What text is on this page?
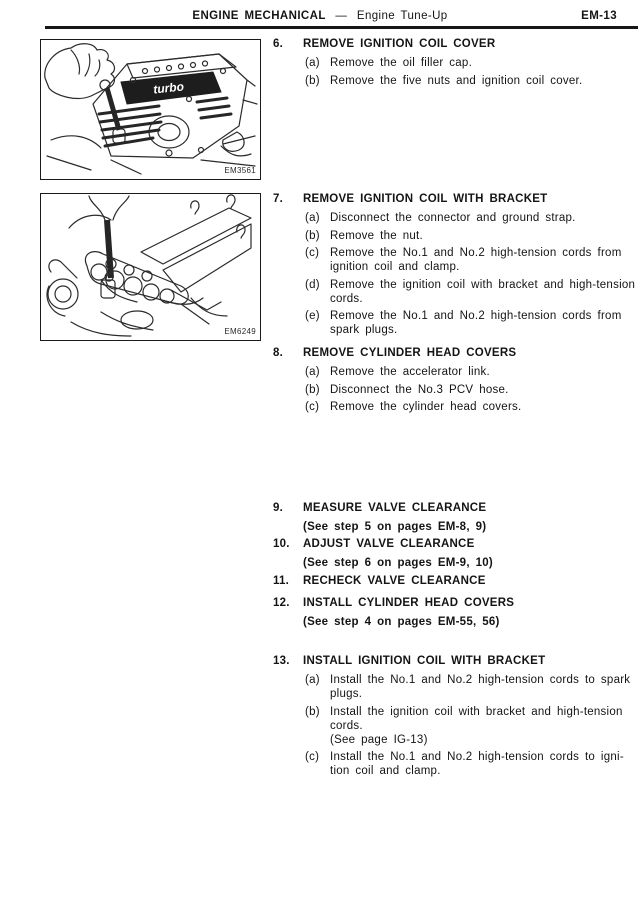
ENGINE MECHANICAL — Engine Tune-Up	EM-13
turbo
EM3561
EM6249
6.	REMOVE IGNITION COIL COVER
(a) Remove the oil filler cap.
(b) Remove the five nuts and ignition coil cover.
7.	REMOVE IGNITION COIL WITH BRACKET
(a) Disconnect the connector and ground strap.
(b) Remove the nut.
(c) Remove the No.1 and No.2 high-tension cords from
ignition coil and clamp.
(d) Remove the ignition coil with bracket and high-tension
cords.
(e) Remove the No.1 and No.2 high-tension cords from
spark plugs.
8.	REMOVE CYLINDER HEAD COVERS
(a) Remove the accelerator link.
(b) Disconnect the No.3 PCV hose.
(c) Remove the cylinder head covers.
9.	MEASURE VALVE CLEARANCE
(See step 5 on pages EM-8, 9)
10.	ADJUST VALVE CLEARANCE
(See step 6 on pages EM-9, 10)
11.	RECHECK VALVE CLEARANCE
12.	INSTALL CYLINDER HEAD COVERS
(See step 4 on pages EM-55, 56)
13.	INSTALL IGNITION COIL WITH BRACKET
(a) Install the No.1 and No.2 high-tension cords to spark
plugs.
(b) Install the ignition coil with bracket and high-tension
cords.
(See page IG-13)
(c) Install the No.1 and No.2 high-tension cords to igni-
tion coil and clamp.
